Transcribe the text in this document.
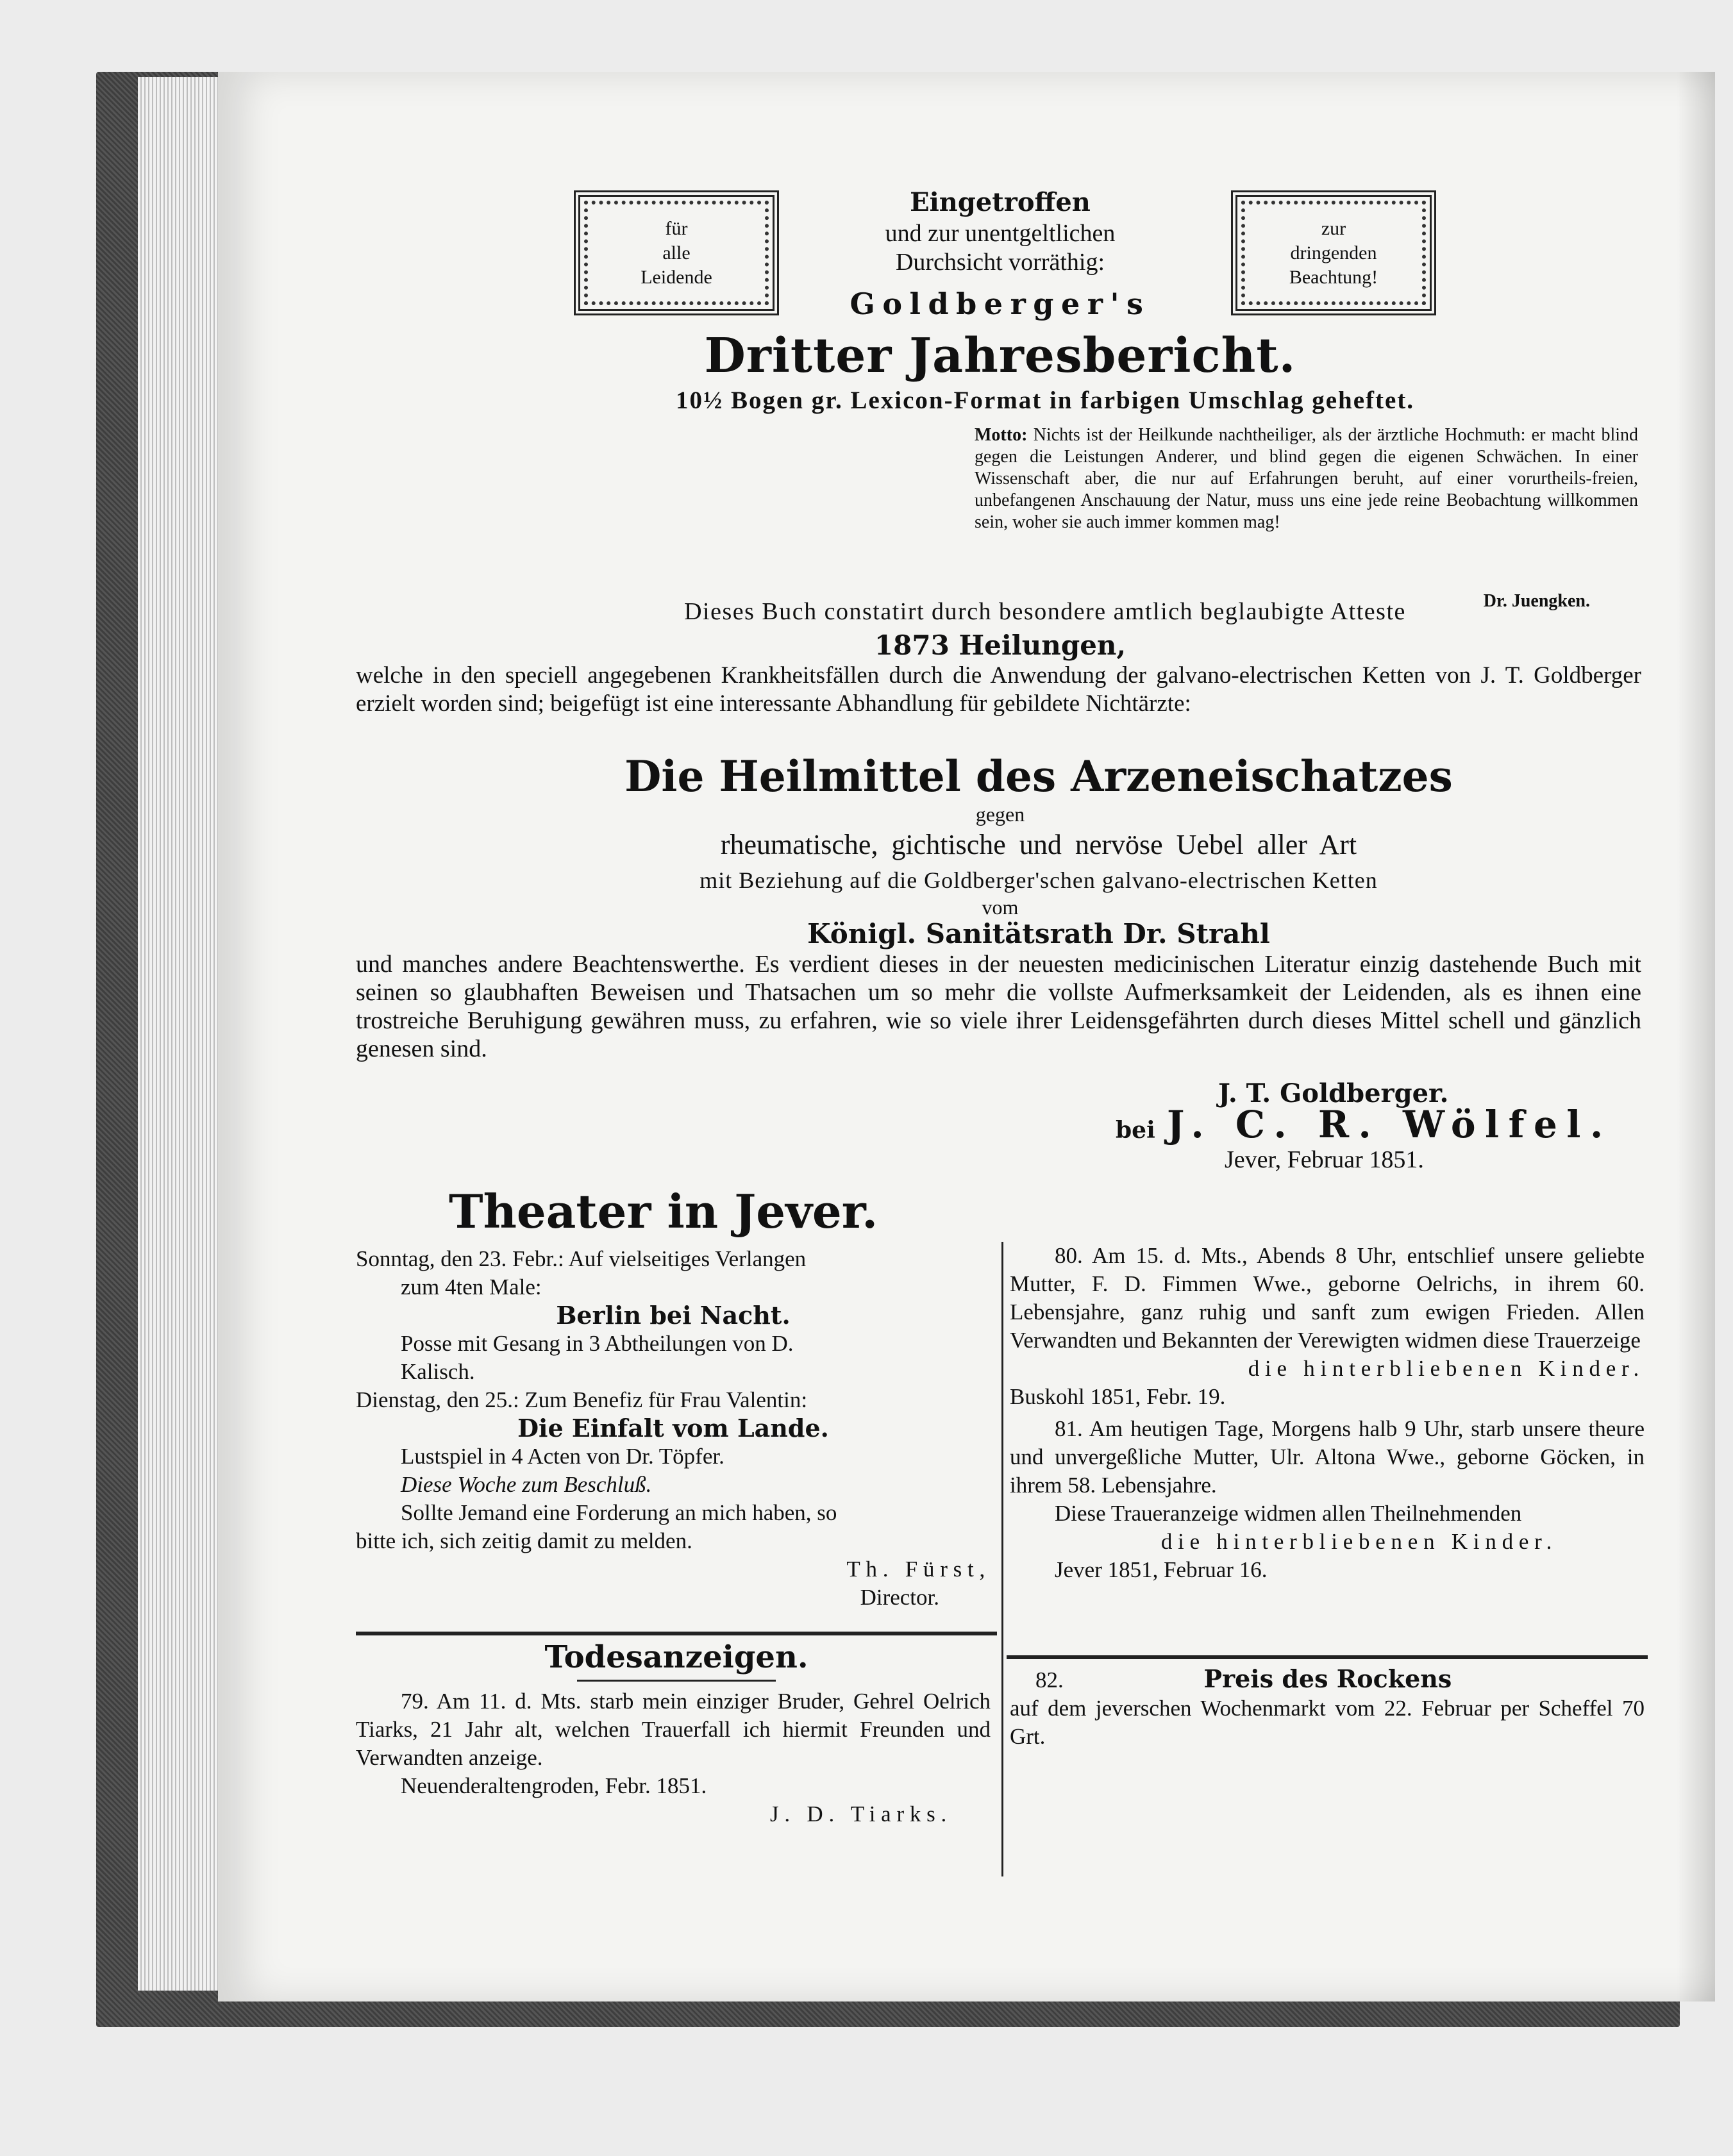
für
alle
Leidende
zur
dringenden
Beachtung!
Eingetroffen
und zur unentgeltlichen
Durchsicht vorräthig:
Goldberger's
Dritter Jahresbericht.
10½ Bogen gr. Lexicon-Format in farbigen Umschlag geheftet.
Motto: Nichts ist der Heilkunde nachtheiliger, als der ärztliche Hochmuth: er macht blind gegen die Leistungen Anderer, und blind gegen die eigenen Schwächen. In einer Wissenschaft aber, die nur auf Erfahrungen beruht, auf einer vorurtheils-freien, unbefangenen Anschauung der Natur, muss uns eine jede reine Beobachtung willkommen sein, woher sie auch immer kommen mag!
Dr. Juengken.
Dieses Buch constatirt durch besondere amtlich beglaubigte Atteste
1873 Heilungen,
welche in den speciell angegebenen Krankheitsfällen durch die Anwendung der galvano-electrischen Ketten von J. T. Goldberger erzielt worden sind; beigefügt ist eine interessante Abhandlung für gebildete Nichtärzte:
Die Heilmittel des Arzeneischatzes
gegen
rheumatische, gichtische und nervöse Uebel aller Art
mit Beziehung auf die Goldberger'schen galvano-electrischen Ketten
vom
Königl. Sanitätsrath Dr. Strahl
und manches andere Beachtenswerthe. Es verdient dieses in der neuesten medicinischen Literatur einzig dastehende Buch mit seinen so glaubhaften Beweisen und Thatsachen um so mehr die vollste Aufmerksamkeit der Leidenden, als es ihnen eine trostreiche Beruhigung gewähren muss, zu erfahren, wie so viele ihrer Leidensgefährten durch dieses Mittel schell und gänzlich genesen sind.
J. T. Goldberger.
bei J. C. R. Wölfel.
Jever, Februar 1851.
Theater in Jever.
Sonntag, den 23. Febr.: Auf vielseitiges Verlangen
zum 4ten Male:
Berlin bei Nacht.
Posse mit Gesang in 3 Abtheilungen von D.
Kalisch.
Dienstag, den 25.: Zum Benefiz für Frau Valentin:
Die Einfalt vom Lande.
Lustspiel in 4 Acten von Dr. Töpfer.
Diese Woche zum Beschluß.
Sollte Jemand eine Forderung an mich haben, so
bitte ich, sich zeitig damit zu melden.
Th. Fürst,
Director.
Todesanzeigen.
79. Am 11. d. Mts. starb mein einziger Bruder, Gehrel Oelrich Tiarks, 21 Jahr alt, welchen Trauerfall ich hiermit Freunden und Verwandten anzeige.
Neuenderaltengroden, Febr. 1851.
J. D. Tiarks.
80. Am 15. d. Mts., Abends 8 Uhr, entschlief unsere geliebte Mutter, F. D. Fimmen Wwe., geborne Oelrichs, in ihrem 60. Lebensjahre, ganz ruhig und sanft zum ewigen Frieden. Allen Verwandten und Bekannten der Verewigten widmen diese Trauerzeige
die hinterbliebenen Kinder.
Buskohl 1851, Febr. 19.
81. Am heutigen Tage, Morgens halb 9 Uhr, starb unsere theure und unvergeßliche Mutter, Ulr. Altona Wwe., geborne Göcken, in ihrem 58. Lebensjahre.
Diese Traueranzeige widmen allen Theilnehmenden
die hinterbliebenen Kinder.
Jever 1851, Februar 16.
82.	Preis des Rockens
auf dem jeverschen Wochenmarkt vom 22. Februar per Scheffel 70 Grt.
